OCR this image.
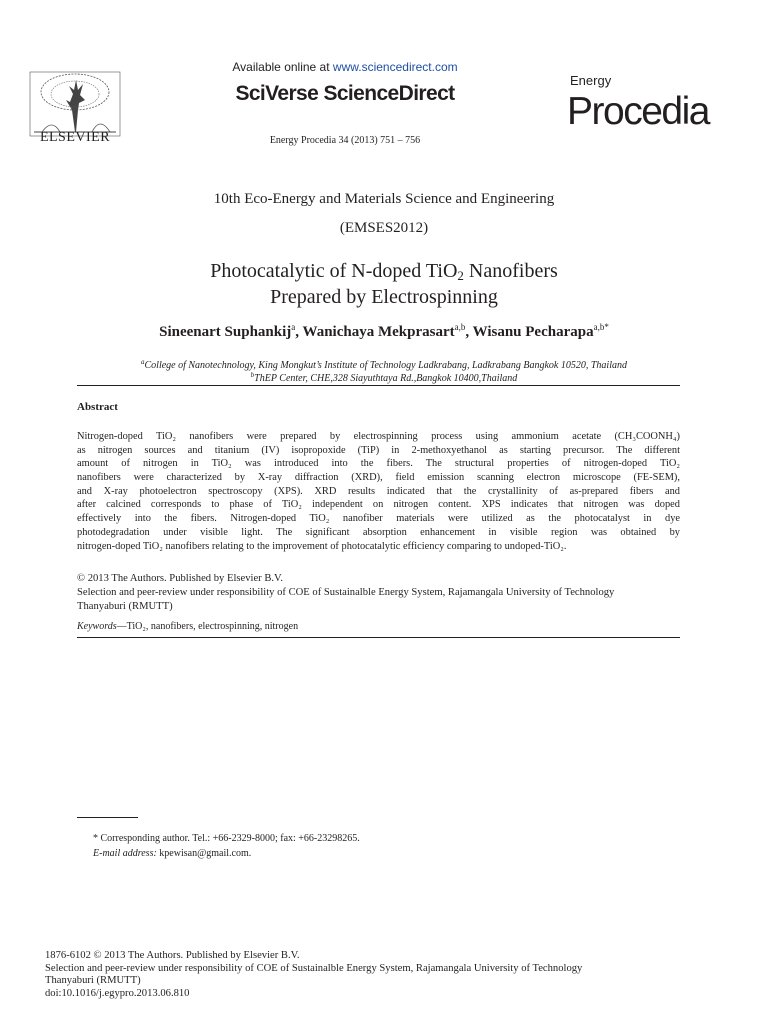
ELSEVIER
Available online at www.sciencedirect.com
SciVerse ScienceDirect
Energy Procedia 34 (2013) 751 – 756
Energy
Procedia
10th Eco-Energy and Materials Science and Engineering
(EMSES2012)
Photocatalytic of N-doped TiO$_2$ Nanofibers
Prepared by Electrospinning
Sineenart Suphankij$^a$, Wanichaya Mekprasart$^{a,b}$, Wisanu Pecharapa$^{a,b*}$
$^a$College of Nanotechnology, King Mongkut’s Institute of Technology Ladkrabang, Ladkrabang Bangkok 10520, Thailand
$^b$ThEP Center, CHE,328 Siayuthtaya Rd.,Bangkok 10400,Thailand
Abstract
Nitrogen-doped TiO₂ nanofibers were prepared by electrospinning process using ammonium acetate (CH₃COONH₄)
as nitrogen sources and titanium (IV) isopropoxide (TiP) in 2-methoxyethanol as starting precursor. The different
amount of nitrogen in TiO₂ was introduced into the fibers. The structural properties of nitrogen-doped TiO₂
nanofibers were characterized by X-ray diffraction (XRD), field emission scanning electron microscope (FE-SEM),
and X-ray photoelectron spectroscopy (XPS). XRD results indicated that the crystallinity of as-prepared fibers and
after calcined corresponds to phase of TiO₂ independent on nitrogen content. XPS indicates that nitrogen was doped
effectively into the fibers. Nitrogen-doped TiO₂ nanofiber materials were utilized as the photocatalyst in dye
photodegradation under visible light. The significant absorption enhancement in visible region was obtained by
nitrogen-doped TiO₂ nanofibers relating to the improvement of photocatalytic efficiency comparing to undoped-TiO₂.
© 2013 The Authors. Published by Elsevier B.V.
Selection and peer-review under responsibility of COE of Sustainalble Energy System, Rajamangala University of Technology
Thanyaburi (RMUTT)
Keywords—TiO₂, nanofibers, electrospinning, nitrogen
* Corresponding author. Tel.: +66-2329-8000; fax: +66-23298265.
E-mail address: kpewisan@gmail.com.
1876-6102 © 2013 The Authors. Published by Elsevier B.V.
Selection and peer-review under responsibility of COE of Sustainalble Energy System, Rajamangala University of Technology
Thanyaburi (RMUTT)
doi:10.1016/j.egypro.2013.06.810
